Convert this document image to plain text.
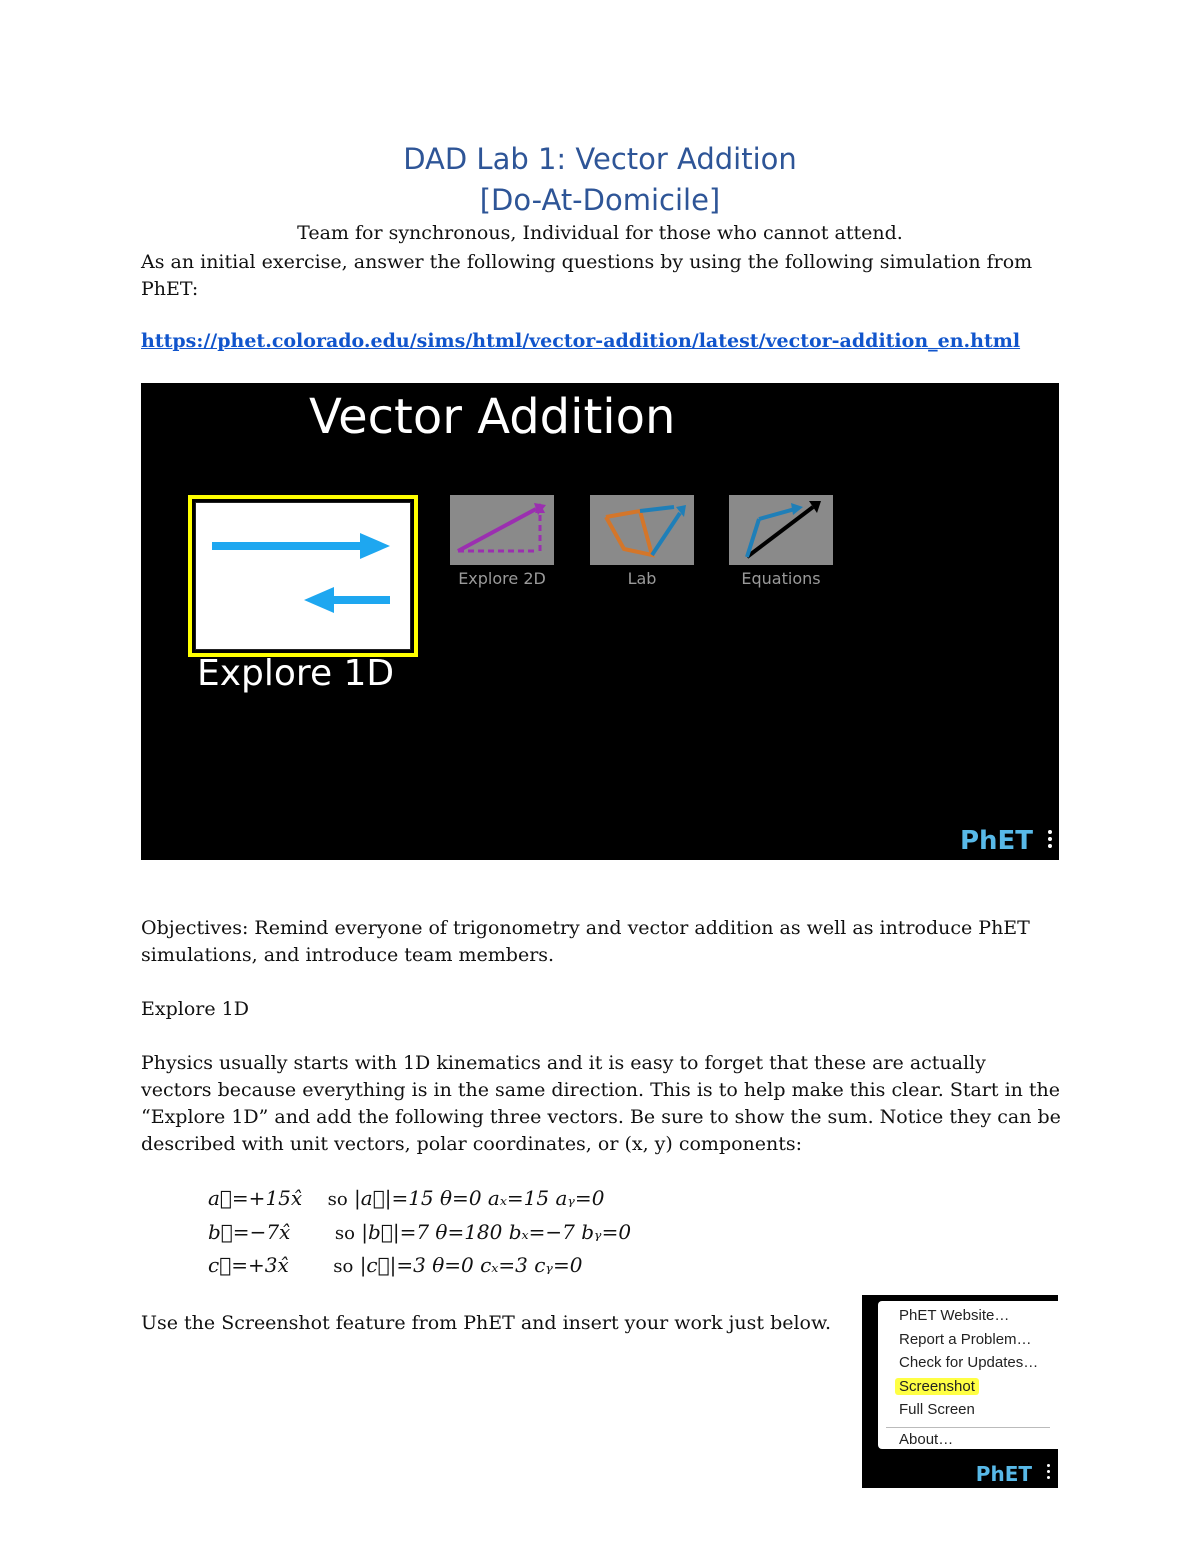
DAD Lab 1: Vector Addition
[Do-At-Domicile]
Team for synchronous, Individual for those who cannot attend.
As an initial exercise, answer the following questions by using the following simulation from PhET:
https://phet.colorado.edu/sims/html/vector-addition/latest/vector-addition_en.html
Vector Addition
Explore 1D
Explore 2D	Lab	Equations
PhET
Objectives: Remind everyone of trigonometry and vector addition as well as introduce PhET simulations, and introduce team members.
Explore 1D
Physics usually starts with 1D kinematics and it is easy to forget that these are actually vectors because everything is in the same direction. This is to help make this clear. Start in the “Explore 1D” and add the following three vectors. Be sure to show the sum. Notice they can be described with unit vectors, polar coordinates, or (x, y) components:
a⃗=+15x̂ so |a⃗|=15 θ=0 aₓ=15 aᵧ=0
b⃗=−7x̂ so |b⃗|=7 θ=180 bₓ=−7 bᵧ=0
c⃗=+3x̂ so |c⃗|=3 θ=0 cₓ=3 cᵧ=0
Use the Screenshot feature from PhET and insert your work just below.	PhET Website…
Report a Problem…
Check for Updates…
Screenshot
Full Screen
About…
PhET
